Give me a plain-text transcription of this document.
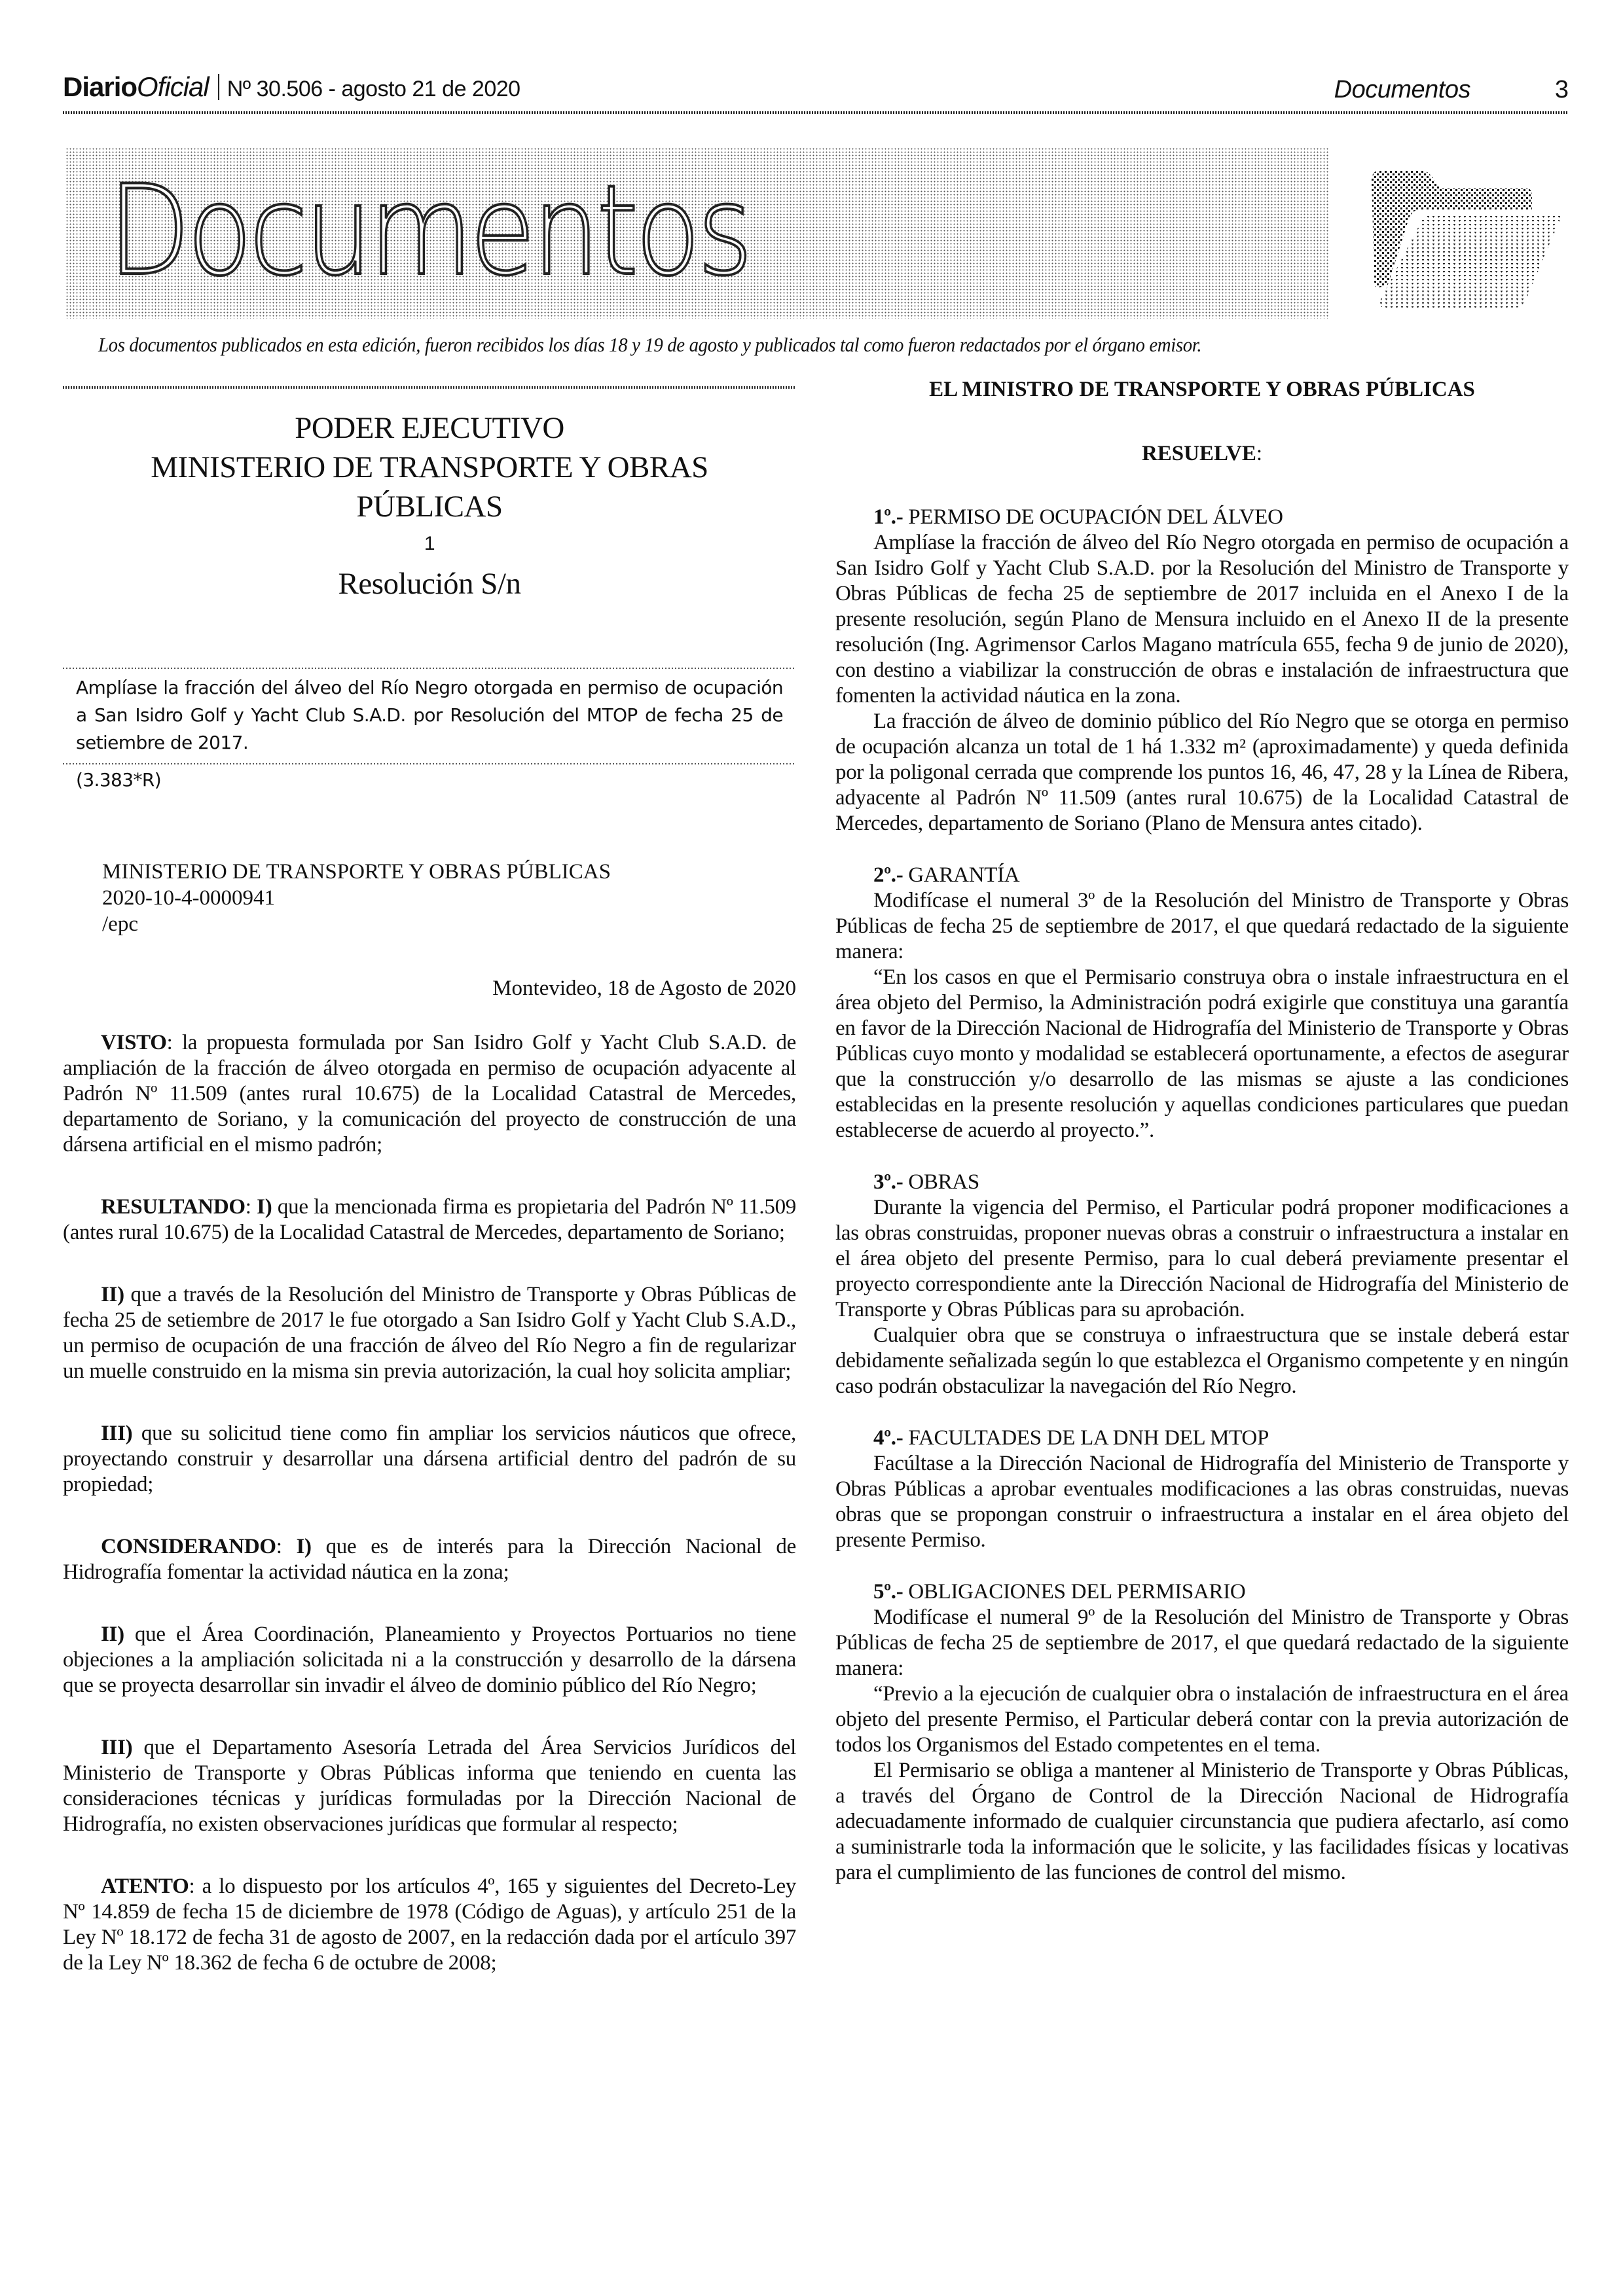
DiarioOficial Nº 30.506 - agosto 21 de 2020	Documentos	3
Documentos
Los documentos publicados en esta edición, fueron recibidos los días 18 y 19 de agosto y publicados tal como fueron redactados por el órgano emisor.
PODER EJECUTIVO
MINISTERIO DE TRANSPORTE Y OBRAS
PÚBLICAS
1
Resolución S/n

Amplíase la fracción del álveo del Río Negro otorgada en permiso de ocupación a San Isidro Golf y Yacht Club S.A.D. por Resolución del MTOP de fecha 25 de setiembre de 2017.

(3.383*R)
MINISTERIO DE TRANSPORTE Y OBRAS PÚBLICAS
2020-10-4-0000941
/epc
Montevideo, 18 de Agosto de 2020

VISTO: la propuesta formulada por San Isidro Golf y Yacht Club S.A.D. de ampliación de la fracción de álveo otorgada en permiso de ocupación adyacente al Padrón Nº 11.509 (antes rural 10.675) de la Localidad Catastral de Mercedes, departamento de Soriano, y la comunicación del proyecto de construcción de una dársena artificial en el mismo padrón;

RESULTANDO: I) que la mencionada firma es propietaria del Padrón Nº 11.509 (antes rural 10.675) de la Localidad Catastral de Mercedes, departamento de Soriano;

II) que a través de la Resolución del Ministro de Transporte y Obras Públicas de fecha 25 de setiembre de 2017 le fue otorgado a San Isidro Golf y Yacht Club S.A.D., un permiso de ocupación de una fracción de álveo del Río Negro a fin de regularizar un muelle construido en la misma sin previa autorización, la cual hoy solicita ampliar;

III) que su solicitud tiene como fin ampliar los servicios náuticos que ofrece, proyectando construir y desarrollar una dársena artificial dentro del padrón de su propiedad;

CONSIDERANDO: I) que es de interés para la Dirección Nacional de Hidrografía fomentar la actividad náutica en la zona;

II) que el Área Coordinación, Planeamiento y Proyectos Portuarios no tiene objeciones a la ampliación solicitada ni a la construcción y desarrollo de la dársena que se proyecta desarrollar sin invadir el álveo de dominio público del Río Negro;

III) que el Departamento Asesoría Letrada del Área Servicios Jurídicos del Ministerio de Transporte y Obras Públicas informa que teniendo en cuenta las consideraciones técnicas y jurídicas formuladas por la Dirección Nacional de Hidrografía, no existen observaciones jurídicas que formular al respecto;

ATENTO: a lo dispuesto por los artículos 4º, 165 y siguientes del Decreto-Ley Nº 14.859 de fecha 15 de diciembre de 1978 (Código de Aguas), y artículo 251 de la Ley Nº 18.172 de fecha 31 de agosto de 2007, en la redacción dada por el artículo 397 de la Ley Nº 18.362 de fecha 6 de octubre de 2008;

EL MINISTRO DE TRANSPORTE Y OBRAS PÚBLICAS
RESUELVE:
1º.- PERMISO DE OCUPACIÓN DEL ÁLVEO

Amplíase la fracción de álveo del Río Negro otorgada en permiso de ocupación a San Isidro Golf y Yacht Club S.A.D. por la Resolución del Ministro de Transporte y Obras Públicas de fecha 25 de septiembre de 2017 incluida en el Anexo I de la presente resolución, según Plano de Mensura incluido en el Anexo II de la presente resolución (Ing. Agrimensor Carlos Magano matrícula 655, fecha 9 de junio de 2020), con destino a viabilizar la construcción de obras e instalación de infraestructura que fomenten la actividad náutica en la zona.

La fracción de álveo de dominio público del Río Negro que se otorga en permiso de ocupación alcanza un total de 1 há 1.332 m² (aproximadamente) y queda definida por la poligonal cerrada que comprende los puntos 16, 46, 47, 28 y la Línea de Ribera, adyacente al Padrón Nº 11.509 (antes rural 10.675) de la Localidad Catastral de Mercedes, departamento de Soriano (Plano de Mensura antes citado).

2º.- GARANTÍA

Modifícase el numeral 3º de la Resolución del Ministro de Transporte y Obras Públicas de fecha 25 de septiembre de 2017, el que quedará redactado de la siguiente manera:

“En los casos en que el Permisario construya obra o instale infraestructura en el área objeto del Permiso, la Administración podrá exigirle que constituya una garantía en favor de la Dirección Nacional de Hidrografía del Ministerio de Transporte y Obras Públicas cuyo monto y modalidad se establecerá oportunamente, a efectos de asegurar que la construcción y/o desarrollo de las mismas se ajuste a las condiciones establecidas en la presente resolución y aquellas condiciones particulares que puedan establecerse de acuerdo al proyecto.”.

3º.- OBRAS

Durante la vigencia del Permiso, el Particular podrá proponer modificaciones a las obras construidas, proponer nuevas obras a construir o infraestructura a instalar en el área objeto del presente Permiso, para lo cual deberá previamente presentar el proyecto correspondiente ante la Dirección Nacional de Hidrografía del Ministerio de Transporte y Obras Públicas para su aprobación.

Cualquier obra que se construya o infraestructura que se instale deberá estar debidamente señalizada según lo que establezca el Organismo competente y en ningún caso podrán obstaculizar la navegación del Río Negro.

4º.- FACULTADES DE LA DNH DEL MTOP

Facúltase a la Dirección Nacional de Hidrografía del Ministerio de Transporte y Obras Públicas a aprobar eventuales modificaciones a las obras construidas, nuevas obras que se propongan construir o infraestructura a instalar en el área objeto del presente Permiso.

5º.- OBLIGACIONES DEL PERMISARIO

Modifícase el numeral 9º de la Resolución del Ministro de Transporte y Obras Públicas de fecha 25 de septiembre de 2017, el que quedará redactado de la siguiente manera:

“Previo a la ejecución de cualquier obra o instalación de infraestructura en el área objeto del presente Permiso, el Particular deberá contar con la previa autorización de todos los Organismos del Estado competentes en el tema.

El Permisario se obliga a mantener al Ministerio de Transporte y Obras Públicas, a través del Órgano de Control de la Dirección Nacional de Hidrografía adecuadamente informado de cualquier circunstancia que pudiera afectarlo, así como a suministrarle toda la información que le solicite, y las facilidades físicas y locativas para el cumplimiento de las funciones de control del mismo.
